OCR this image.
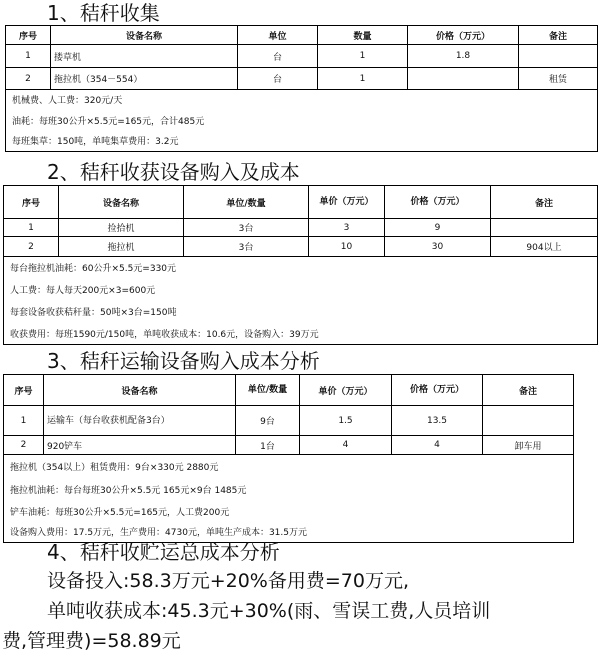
1、秸秆收集
序号	设备名称	单位	数量	价格（万元）	备注
1	搂草机	台	1	1.8	
2	拖拉机（354－554）	台	1		租赁
机械费、人工费：320元/天					
油耗：每班30公升×5.5元=165元，合计485元					
每班集草：150吨，单吨集草费用：3.2元					
2、秸秆收获设备购入及成本
序号	设备名称	单位/数量	单价（万元）	价格（万元）	备注
1	捡拾机	3台	3	9	
2	拖拉机	3台	10	30	904以上
每台拖拉机油耗：60公升×5.5元=330元					
人工费：每人每天200元×3=600元					
每套设备收获秸秆量：50吨×3台=150吨					
收获费用：每班1590元/150吨，单吨收获成本：10.6元，设备购入：39万元					
3、秸秆运输设备购入成本分析
序号	设备名称	单位/数量	单价（万元）	价格（万元）	备注
1	运输车（每台收获机配备3台）	9台	1.5	13.5	
2	920铲车	1台	4	4	卸车用
拖拉机（354以上）租赁费用：9台×330元 2880元					
拖拉机油耗：每台每班30公升×5.5元 165元×9台 1485元					
铲车油耗：每班30公升×5.5元=165元，人工费200元					
设备购入费用：17.5万元，生产费用：4730元，单吨生产成本：31.5万元					
4、秸秆收贮运总成本分析
设备投入:58.3万元+20%备用费=70万元,
单吨收获成本:45.3元+30%(雨、雪误工费,人员培训
费,管理费)=58.89元
